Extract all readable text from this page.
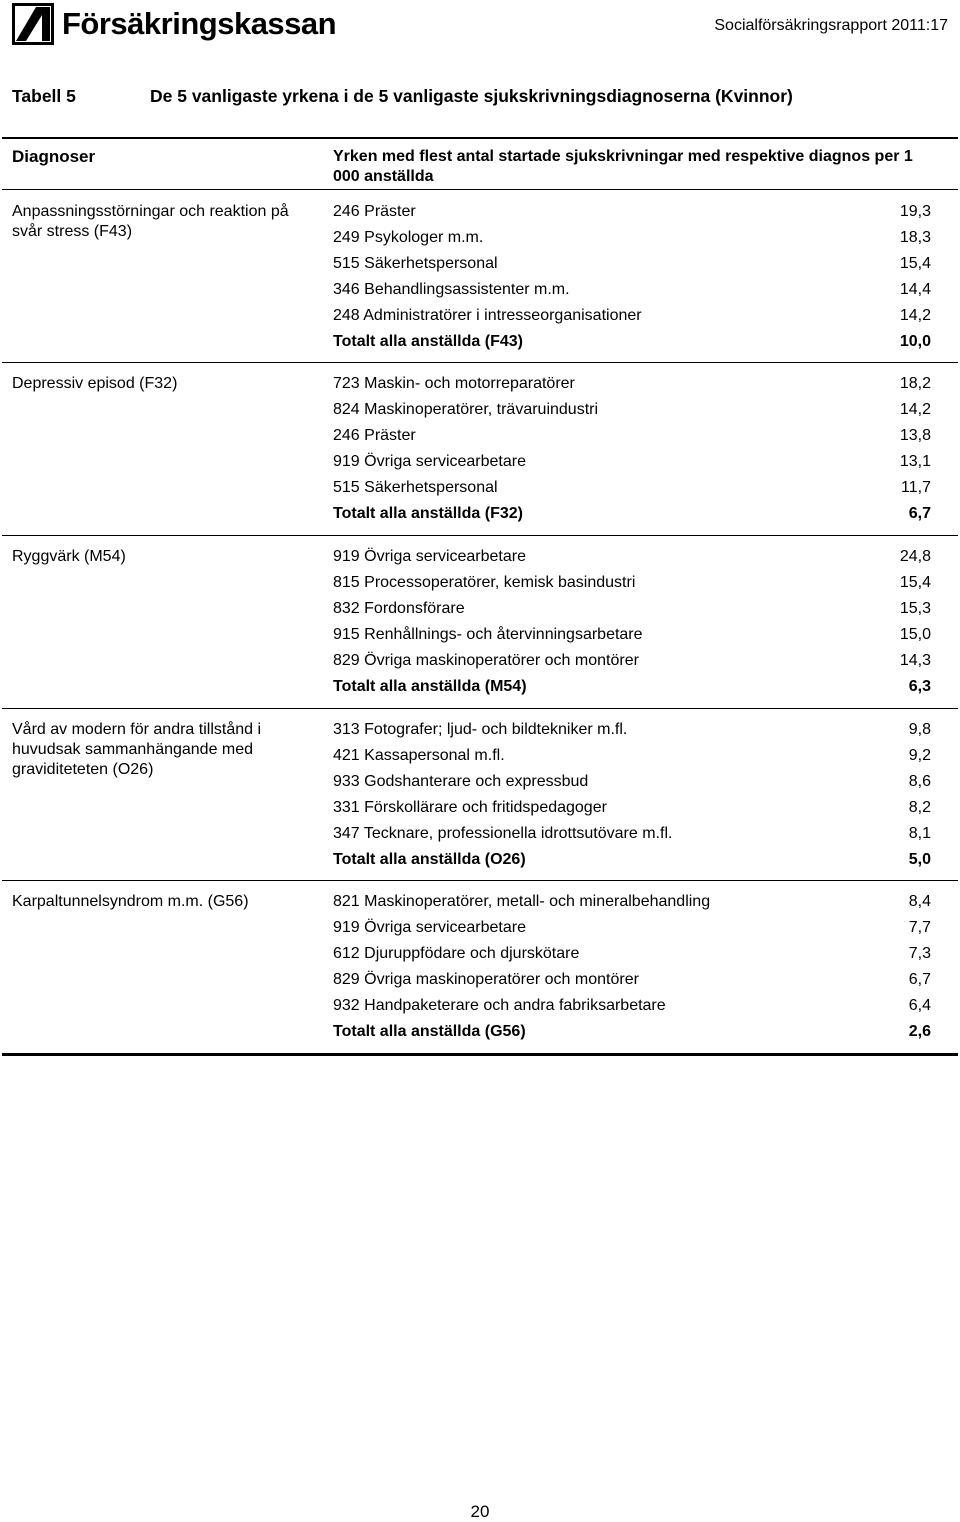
Försäkringskassan	Socialförsäkringsrapport 2011:17
Tabell 5	De 5 vanligaste yrkena i de 5 vanligaste sjukskrivningsdiagnoserna (Kvinnor)
Diagnoser	Yrken med flest antal startade sjukskrivningar med respektive diagnos per 1 000 anställda
Anpassningsstörningar och reaktion på svår stress (F43)
246 Präster	19,3
249 Psykologer m.m.	18,3
515 Säkerhetspersonal	15,4
346 Behandlingsassistenter m.m.	14,4
248 Administratörer i intresseorganisationer	14,2
Totalt alla anställda (F43)	10,0
Depressiv episod (F32)	723 Maskin- och motorreparatörer	18,2
824 Maskinoperatörer, trävaruindustri	14,2
246 Präster	13,8
919 Övriga servicearbetare	13,1
515 Säkerhetspersonal	11,7
Totalt alla anställda (F32)	6,7
Ryggvärk (M54)	919 Övriga servicearbetare	24,8
815 Processoperatörer, kemisk basindustri	15,4
832 Fordonsförare	15,3
915 Renhållnings- och återvinningsarbetare	15,0
829 Övriga maskinoperatörer och montörer	14,3
Totalt alla anställda (M54)	6,3
Vård av modern för andra tillstånd i huvudsak sammanhängande med graviditeteten (O26)
313 Fotografer; ljud- och bildtekniker m.fl.	9,8
421 Kassapersonal m.fl.	9,2
933 Godshanterare och expressbud	8,6
331 Förskollärare och fritidspedagoger	8,2
347 Tecknare, professionella idrottsutövare m.fl.	8,1
Totalt alla anställda (O26)	5,0
Karpaltunnelsyndrom m.m. (G56)	821 Maskinoperatörer, metall- och mineralbehandling	8,4
919 Övriga servicearbetare	7,7
612 Djuruppfödare och djurskötare	7,3
829 Övriga maskinoperatörer och montörer	6,7
932 Handpaketerare och andra fabriksarbetare	6,4
Totalt alla anställda (G56)	2,6
20
